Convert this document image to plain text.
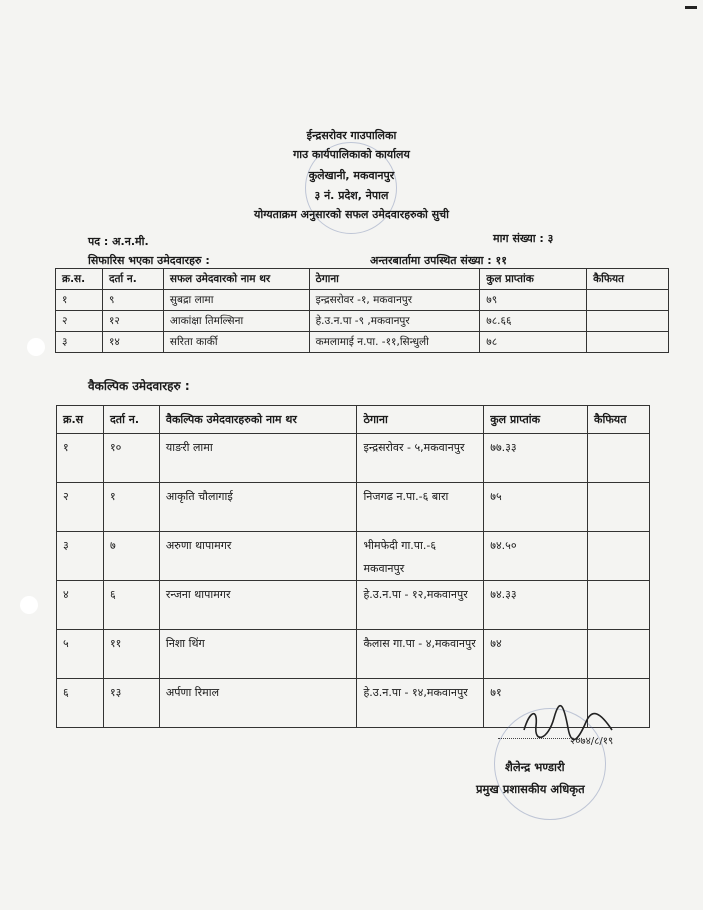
ईन्द्रसरोवर गाउपालिका
गाउ कार्यपालिकाको कार्यालय
कुलेखानी, मकवानपुर
३ नं. प्रदेश, नेपाल
योग्यताक्रम अनुसारको सफल उमेदवारहरुको सुची
पद : अ.न.मी.	माग संख्या : ३
सिफारिस भएका उमेदवारहरु :	अन्तरबार्तामा उपस्थित संख्या : ११
क्र.स.	दर्ता न.	सफल उमेदवारको नाम थर	ठेगाना	कुल प्राप्तांक	कैफियत
१	९	सुबद्रा लामा	इन्द्रसरोवर -१, मकवानपुर	७९	
२	१२	आकांक्षा तिमल्सिना	हे.उ.न.पा -९ ,मकवानपुर	७८.६६	
३	१४	सरिता कार्की	कमलामाई न.पा. -११,सिन्धुली	७८	
वैकल्पिक उमेदवारहरु :
क्र.स	दर्ता न.	वैकल्पिक उमेदवारहरुको नाम थर	ठेगाना	कुल प्राप्तांक	कैफियत
१	१०	याङरी लामा	इन्द्रसरोवर - ५,मकवानपुर	७७.३३	
२	१	आकृति चौलागाई	निजगढ न.पा.-६ बारा	७५	
३	७	अरुणा थापामगर	भीमफेदी गा.पा.-६ मकवानपुर	७४.५०	
४	६	रन्जना थापामगर	हे.उ.न.पा - १२,मकवानपुर	७४.३३	
५	११	निशा थिंग	कैलास गा.पा - ४,मकवानपुर	७४	
६	१३	अर्पणा रिमाल	हे.उ.न.पा - १४,मकवानपुर	७१	
२०७४/८/१९
शैलेन्द्र भण्डारी
प्रमुख प्रशासकीय अधिकृत
